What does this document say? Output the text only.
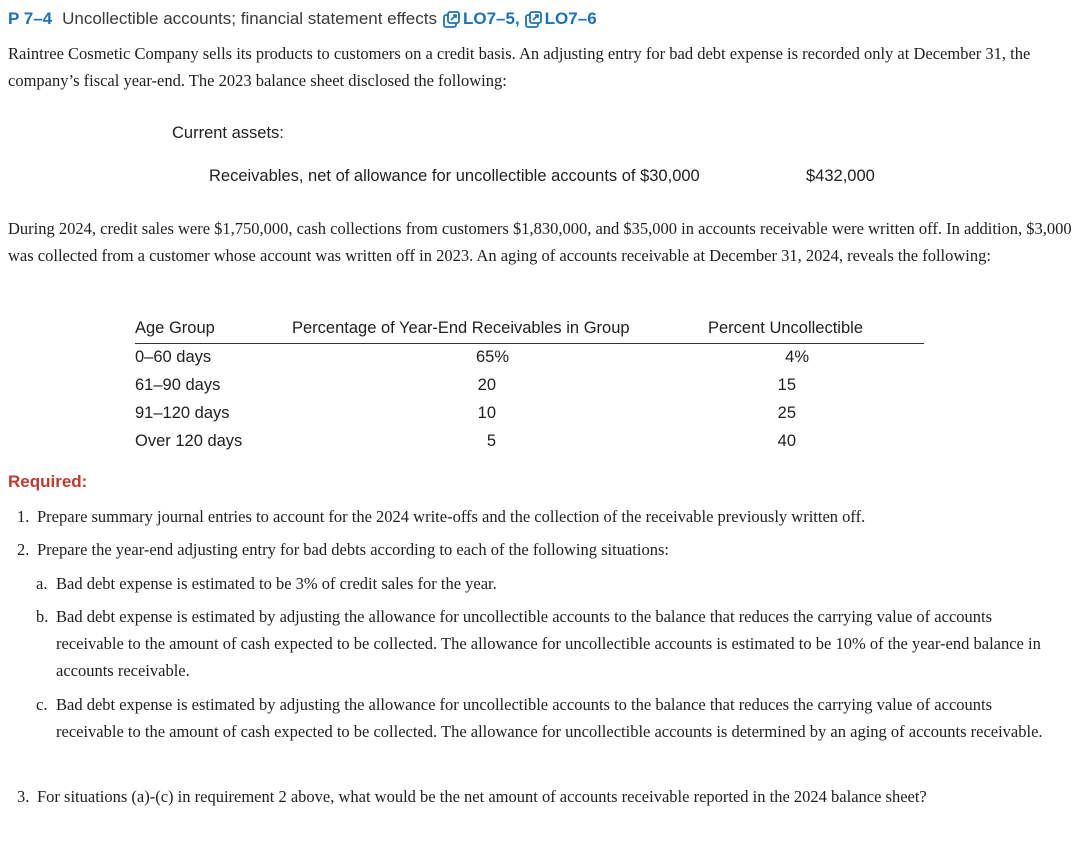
P 7–4 Uncollectible accounts; financial statement effects LO7–5, LO7–6
Raintree Cosmetic Company sells its products to customers on a credit basis. An adjusting entry for bad debt expense is recorded only at December 31, the company’s fiscal year-end. The 2023 balance sheet disclosed the following:
Current assets:
Receivables, net of allowance for uncollectible accounts of $30,000	$432,000
During 2024, credit sales were $1,750,000, cash collections from customers $1,830,000, and $35,000 in accounts receivable were written off. In addition, $3,000 was collected from a customer whose account was written off in 2023. An aging of accounts receivable at December 31, 2024, reveals the following:
Age Group	Percentage of Year-End Receivables in Group	Percent Uncollectible
0–60 days	65%	4%
61–90 days	20	15
91–120 days	10	25
Over 120 days	5	40
Required:
1. Prepare summary journal entries to account for the 2024 write-offs and the collection of the receivable previously written off.
2. Prepare the year-end adjusting entry for bad debts according to each of the following situations:
a. Bad debt expense is estimated to be 3% of credit sales for the year.
b. Bad debt expense is estimated by adjusting the allowance for uncollectible accounts to the balance that reduces the carrying value of accounts receivable to the amount of cash expected to be collected. The allowance for uncollectible accounts is estimated to be 10% of the year-end balance in accounts receivable.
c. Bad debt expense is estimated by adjusting the allowance for uncollectible accounts to the balance that reduces the carrying value of accounts receivable to the amount of cash expected to be collected. The allowance for uncollectible accounts is determined by an aging of accounts receivable.
3. For situations (a)-(c) in requirement 2 above, what would be the net amount of accounts receivable reported in the 2024 balance sheet?
